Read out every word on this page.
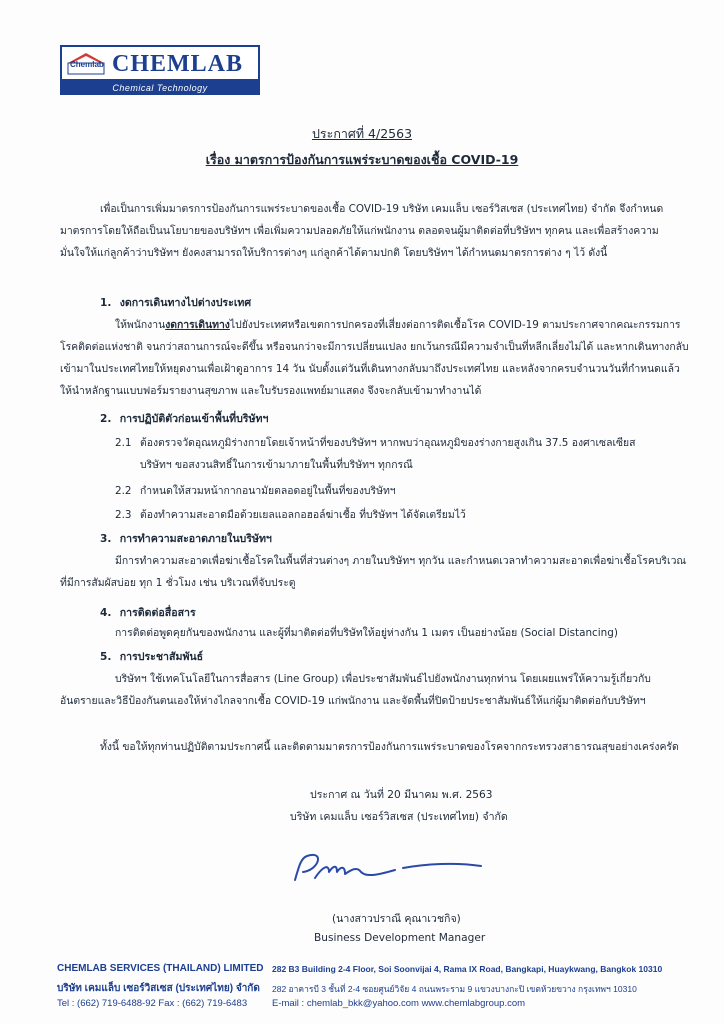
Chemlab CHEMLAB
Chemical Technology
ประกาศที่ 4/2563
เรื่อง มาตรการป้องกันการแพร่ระบาดของเชื้อ COVID-19

เพื่อเป็นการเพิ่มมาตรการป้องกันการแพร่ระบาดของเชื้อ COVID-19 บริษัท เคมแล็บ เซอร์วิสเซส (ประเทศไทย) จำกัด จึงกำหนด

มาตรการโดยให้ถือเป็นนโยบายของบริษัทฯ เพื่อเพิ่มความปลอดภัยให้แก่พนักงาน ตลอดจนผู้มาติดต่อที่บริษัทฯ ทุกคน และเพื่อสร้างความ

มั่นใจให้แก่ลูกค้าว่าบริษัทฯ ยังคงสามารถให้บริการต่างๆ แก่ลูกค้าได้ตามปกติ โดยบริษัทฯ ได้กำหนดมาตรการต่าง ๆ ไว้ ดังนี้

1. งดการเดินทางไปต่างประเทศ

ให้พนักงานงดการเดินทางไปยังประเทศหรือเขตการปกครองที่เสี่ยงต่อการติดเชื้อโรค COVID-19 ตามประกาศจากคณะกรรมการ

โรคติดต่อแห่งชาติ จนกว่าสถานการณ์จะดีขึ้น หรือจนกว่าจะมีการเปลี่ยนแปลง ยกเว้นกรณีมีความจำเป็นที่หลีกเลี่ยงไม่ได้ และหากเดินทางกลับ

เข้ามาในประเทศไทยให้หยุดงานเพื่อเฝ้าดูอาการ 14 วัน นับตั้งแต่วันที่เดินทางกลับมาถึงประเทศไทย และหลังจากครบจำนวนวันที่กำหนดแล้ว

ให้นำหลักฐานแบบฟอร์มรายงานสุขภาพ และใบรับรองแพทย์มาแสดง จึงจะกลับเข้ามาทำงานได้

2. การปฏิบัติตัวก่อนเข้าพื้นที่บริษัทฯ
2.1 ต้องตรวจวัดอุณหภูมิร่างกายโดยเจ้าหน้าที่ของบริษัทฯ หากพบว่าอุณหภูมิของร่างกายสูงเกิน 37.5 องศาเซลเซียส
บริษัทฯ ขอสงวนสิทธิ์ในการเข้ามาภายในพื้นที่บริษัทฯ ทุกกรณี
2.2 กำหนดให้สวมหน้ากากอนามัยตลอดอยู่ในพื้นที่ของบริษัทฯ
2.3 ต้องทำความสะอาดมือด้วยเยลแอลกอฮอล์ฆ่าเชื้อ ที่บริษัทฯ ได้จัดเตรียมไว้
3. การทำความสะอาดภายในบริษัทฯ

มีการทำความสะอาดเพื่อฆ่าเชื้อโรคในพื้นที่ส่วนต่างๆ ภายในบริษัทฯ ทุกวัน และกำหนดเวลาทำความสะอาดเพื่อฆ่าเชื้อโรคบริเวณ

ที่มีการสัมผัสบ่อย ทุก 1 ชั่วโมง เช่น บริเวณที่จับประตู

4. การติดต่อสื่อสาร

การติดต่อพูดคุยกันของพนักงาน และผู้ที่มาติดต่อที่บริษัทให้อยู่ห่างกัน 1 เมตร เป็นอย่างน้อย (Social Distancing)

5. การประชาสัมพันธ์

บริษัทฯ ใช้เทคโนโลยีในการสื่อสาร (Line Group) เพื่อประชาสัมพันธ์ไปยังพนักงานทุกท่าน โดยเผยแพร่ให้ความรู้เกี่ยวกับ

อันตรายและวิธีป้องกันตนเองให้ห่างไกลจากเชื้อ COVID-19 แก่พนักงาน และจัดพื้นที่ปิดป้ายประชาสัมพันธ์ให้แก่ผู้มาติดต่อกับบริษัทฯ

ทั้งนี้ ขอให้ทุกท่านปฏิบัติตามประกาศนี้ และติดตามมาตรการป้องกันการแพร่ระบาดของโรคจากกระทรวงสาธารณสุขอย่างเคร่งครัด

ประกาศ ณ วันที่ 20 มีนาคม พ.ศ. 2563
บริษัท เคมแล็บ เซอร์วิสเซส (ประเทศไทย) จำกัด
(นางสาวปราณี คุณาเวชกิจ)
Business Development Manager
CHEMLAB SERVICES (THAILAND) LIMITED 282 B3 Building 2-4 Floor, Soi Soonvijai 4, Rama IX Road, Bangkapi, Huaykwang, Bangkok 10310
บริษัท เคมแล็บ เซอร์วิสเซส (ประเทศไทย) จำกัด 282 อาคารบี 3 ชั้นที่ 2-4 ซอยศูนย์วิจัย 4 ถนนพระราม 9 แขวงบางกะปิ เขตห้วยขวาง กรุงเทพฯ 10310
Tel : (662) 719-6488-92 Fax : (662) 719-6483	E-mail : chemlab_bkk@yahoo.com www.chemlabgroup.com
